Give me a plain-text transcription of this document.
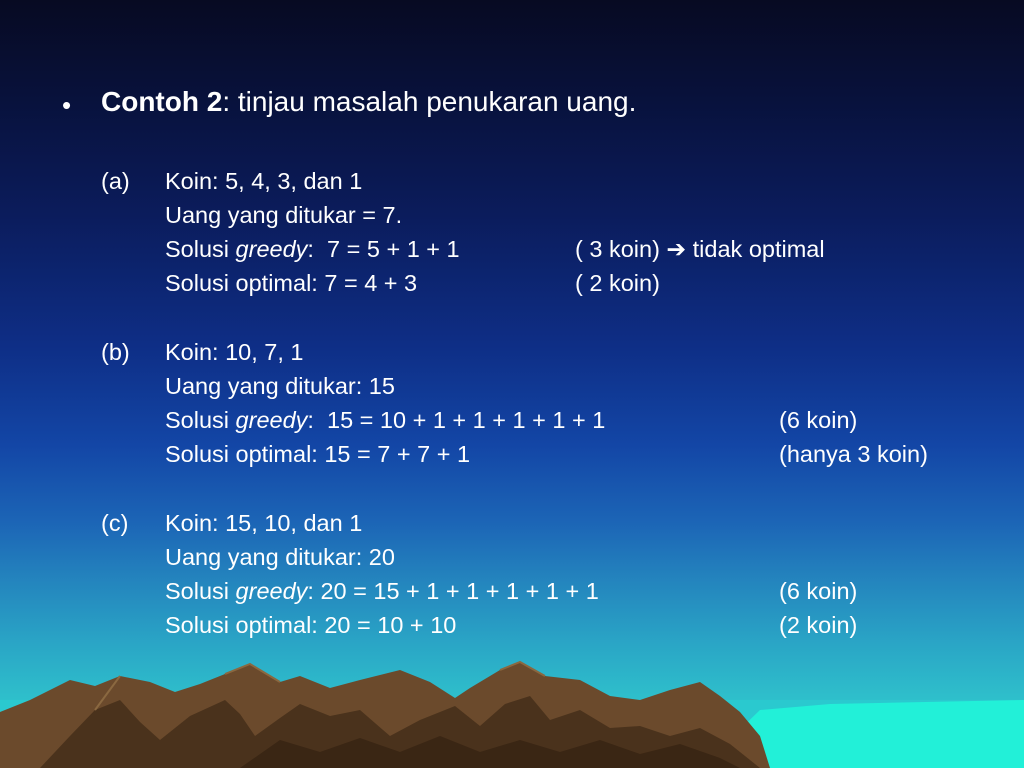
• Contoh 2: tinjau masalah penukaran uang.
(a) Koin: 5, 4, 3, dan 1
Uang yang ditukar = 7.
Solusi greedy:  7 = 5 + 1 + 1	( 3 koin) ➔ tidak optimal
Solusi optimal: 7 = 4 + 3	( 2 koin)
(b) Koin: 10, 7, 1
Uang yang ditukar: 15
Solusi greedy:  15 = 10 + 1 + 1 + 1 + 1 + 1	(6 koin)
Solusi optimal: 15 = 7 + 7 + 1	(hanya 3 koin)
(c) Koin: 15, 10, dan 1
Uang yang ditukar: 20
Solusi greedy: 20 = 15 + 1 + 1 + 1 + 1 + 1	(6 koin)
Solusi optimal: 20 = 10 + 10	(2 koin)
